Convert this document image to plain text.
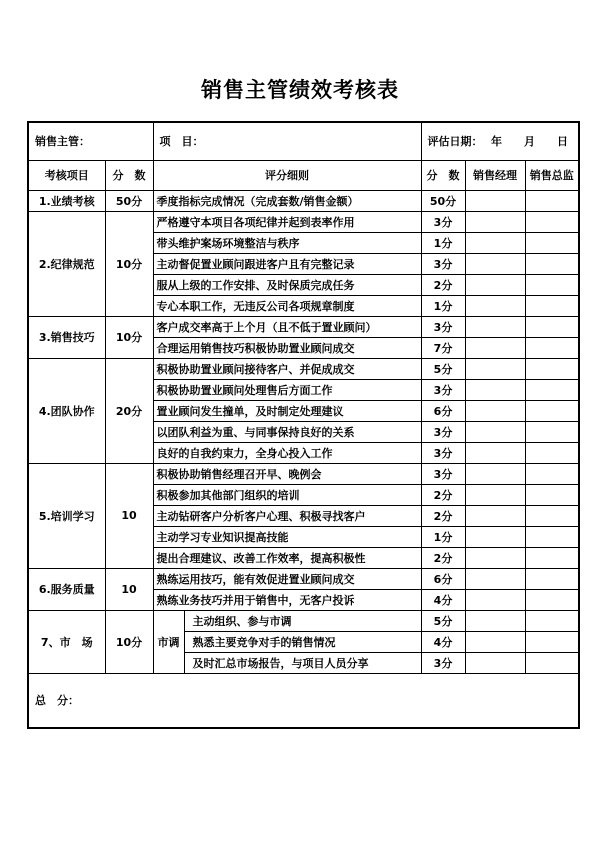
销售主管绩效考核表
销售主管：		项　目：		评估日期： 年 月 日		

考核项目	分　数	评分细则		分　数	销售经理	销售总监
1.业绩考核	50分	季度指标完成情况（完成套数/销售金额）		50分		
2.纪律规范	10分	严格遵守本项目各项纪律并起到表率作用		3分		
		带头维护案场环境整洁与秩序		1分		
		主动督促置业顾问跟进客户且有完整记录		3分		
		服从上级的工作安排、及时保质完成任务		2分		
		专心本职工作，无违反公司各项规章制度		1分		
3.销售技巧	10分	客户成交率高于上个月（且不低于置业顾问）		3分		
		合理运用销售技巧积极协助置业顾问成交		7分		
4.团队协作	20分	积极协助置业顾问接待客户、并促成成交		5分		
		积极协助置业顾问处理售后方面工作		3分		
		置业顾问发生撞单，及时制定处理建议		6分		
		以团队利益为重、与同事保持良好的关系		3分		
		良好的自我约束力，全身心投入工作		3分		
5.培训学习	10	积极协助销售经理召开早、晚例会		3分		
		积极参加其他部门组织的培训		2分		
		主动钻研客户分析客户心理、积极寻找客户		2分		
		主动学习专业知识提高技能		1分		
		提出合理建议、改善工作效率，提高积极性		2分		
6.服务质量	10	熟练运用技巧，能有效促进置业顾问成交		6分		
		熟练业务技巧并用于销售中，无客户投诉		4分		
7、市　场	10分	市调	主动组织、参与市调	5分		
			熟悉主要竞争对手的销售情况	4分		
			及时汇总市场报告，与项目人员分享	3分		
总　分：						
